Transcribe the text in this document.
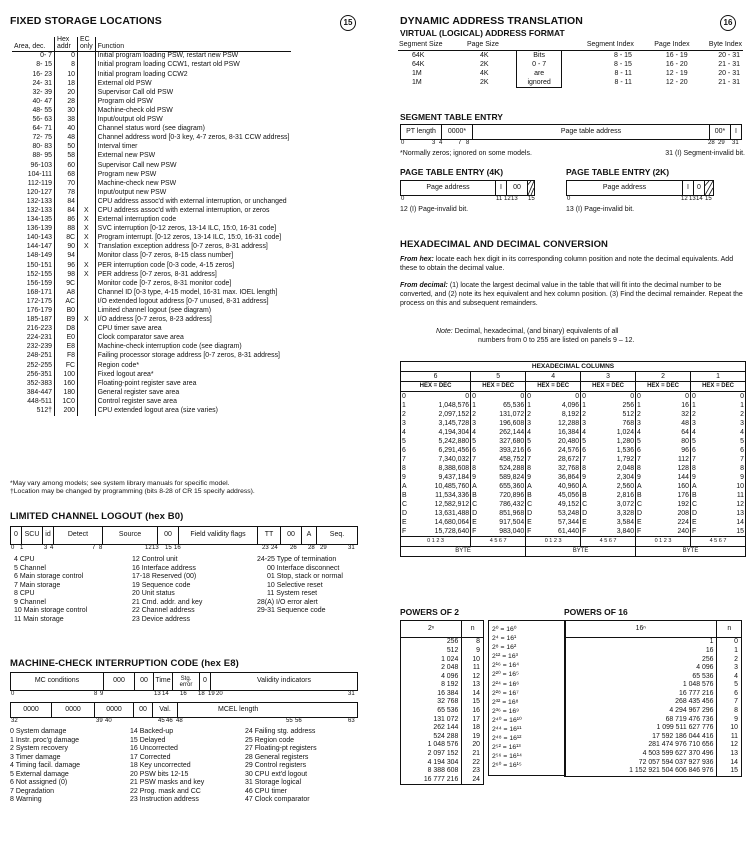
FIXED STORAGE LOCATIONS	15
Area, dec.	Hex addr	EC only	Function
0- 7	0		Initial program loading PSW, restart new PSW
8- 15	8		Initial program loading CCW1, restart old PSW
16- 23	10		Initial program loading CCW2
24- 31	18		External old PSW
32- 39	20		Supervisor Call old PSW
40- 47	28		Program old PSW
48- 55	30		Machine-check old PSW
56- 63	38		Input/output old PSW
64- 71	40		Channel status word (see diagram)
72- 75	48		Channel address word [0-3 key, 4-7 zeros, 8-31 CCW address]
80- 83	50		Interval timer
88- 95	58		External new PSW
96-103	60		Supervisor Call new PSW
104-111	68		Program new PSW
112-119	70		Machine-check new PSW
120-127	78		Input/output new PSW
132-133	84		CPU address assoc'd with external interruption, or unchanged
132-133	84	X	CPU address assoc'd with external interruption, or zeros
134-135	86	X	External interruption code
136-139	88	X	SVC interruption [0-12 zeros, 13-14 ILC, 15:0, 16-31 code]
140-143	8C	X	Program interrupt. [0-12 zeros, 13-14 ILC, 15:0, 16-31 code]
144-147	90	X	Translation exception address [0-7 zeros, 8-31 address]
148-149	94		Monitor class [0-7 zeros, 8-15 class number]
150-151	96	X	PER interruption code [0-3 code, 4-15 zeros]
152-155	98	X	PER address [0-7 zeros, 8-31 address]
156-159	9C		Monitor code [0-7 zeros, 8-31 monitor code]
168-171	A8		Channel ID [0-3 type, 4-15 model, 16-31 max. IOEL length]
172-175	AC		I/O extended logout address [0-7 unused, 8-31 address]
176-179	B0		Limited channel logout (see diagram)
185-187	B9	X	I/O address [0-7 zeros, 8-23 address]
216-223	D8		CPU timer save area
224-231	E0		Clock comparator save area
232-239	E8		Machine-check interruption code (see diagram)
248-251	F8		Failing processor storage address [0-7 zeros, 8-31 address]
252-255	FC		Region code*
256-351	100		Fixed logout area*
352-383	160		Floating-point register save area
384-447	180		General register save area
448-511	1C0		Control register save area
512†	200		CPU extended logout area (size varies)
*May vary among models; see system library manuals for specific model.
†Location may be changed by programming (bits 8-28 of CR 15 specify address).
LIMITED CHANNEL LOGOUT (hex B0)
0 SCU id	Detect	Source	00	Field validity flags	TT	00	A	Seq.
0 1	3 4	7 8	12 13 15 16	23 24 26 28 29	31
4 CPU	12 Control unit	24-25 Type of termination
5 Channel	16 Interface address	00 Interface disconnect
6 Main storage control	17-18 Reserved (00)	01 Stop, stack or normal
7 Main storage	19 Sequence code	10 Selective reset
8 CPU	20 Unit status	11 System reset
9 Channel	21 Cmd. addr. and key	28(A) I/O error alert
10 Main storage control	22 Channel address	29-31 Sequence code
11 Main storage	23 Device address
MACHINE-CHECK INTERRUPTION CODE (hex E8)
MC conditions	000	00	Time	Stg. error
0	Validity indicators
0	8 9	13 14 16 18 19 20	31
0000	0000	0000	00	Val.	MCEL length
32	39 40	45 46 48	55 56	63
0 System damage	14 Backed-up	24 Failing stg. address
1 Instr. proc'g damage	15 Delayed	25 Region code
2 System recovery	16 Uncorrected	27 Floating-pt registers
3 Timer damage	17 Corrected	28 General registers
4 Timing facil. damage	18 Key uncorrected	29 Control registers
5 External damage	20 PSW bits 12-15	30 CPU ext'd logout
6 Not assigned (0)	21 PSW masks and key	31 Storage logical
7 Degradation	22 Prog. mask and CC	46 CPU timer
8 Warning	23 Instruction address	47 Clock comparator
DYNAMIC ADDRESS TRANSLATION	16
VIRTUAL (LOGICAL) ADDRESS FORMAT
Segment Size	Page Size		Segment Index	Page Index	Byte Index
64K	4K	Bits	8 - 15	16 - 19	20 - 31
64K	2K	0 - 7	8 - 15	16 - 20	21 - 31
1M	4K	are	8 - 11	12 - 19	20 - 31
1M	2K	ignored	8 - 11	12 - 20	21 - 31
SEGMENT TABLE ENTRY
PT length	0000*	Page table address	00*	I
0	3 4	7 8	28 29 31
*Normally zeros; ignored on some models.	31 (I) Segment-invalid bit.
PAGE TABLE ENTRY (4K)
Page address	I	00
0	11 12 13 15
12 (I) Page-invalid bit.
PAGE TABLE ENTRY (2K)
Page address	I	0
0	12 13 14 15
13 (I) Page-invalid bit.
HEXADECIMAL AND DECIMAL CONVERSION
From hex: locate each hex digit in its corresponding column position and note the decimal equivalents. Add these to obtain the decimal value.
From decimal: (1) locate the largest decimal value in the table that will fit into the decimal number to be converted, and (2) note its hex equivalent and hex column position. (3) Find the decimal remainder. Repeat the process on this and subsequent remainders.
Note: Decimal, hexadecimal, (and binary) equivalents of all
numbers from 0 to 255 are listed on panels 9 – 12.
HEXADECIMAL COLUMNS											
6		5		4		3		2		1	
HEX = DEC		HEX = DEC		HEX = DEC		HEX = DEC		HEX = DEC		HEX = DEC	
0	0	0	0	0	0	0	0	0	0	0	0
1	1,048,576	1	65,536	1	4,096	1	256	1	16	1	1
2	2,097,152	2	131,072	2	8,192	2	512	2	32	2	2
3	3,145,728	3	196,608	3	12,288	3	768	3	48	3	3
4	4,194,304	4	262,144	4	16,384	4	1,024	4	64	4	4
5	5,242,880	5	327,680	5	20,480	5	1,280	5	80	5	5
6	6,291,456	6	393,216	6	24,576	6	1,536	6	96	6	6
7	7,340,032	7	458,752	7	28,672	7	1,792	7	112	7	7
8	8,388,608	8	524,288	8	32,768	8	2,048	8	128	8	8
9	9,437,184	9	589,824	9	36,864	9	2,304	9	144	9	9
A	10,485,760	A	655,360	A	40,960	A	2,560	A	160	A	10
B	11,534,336	B	720,896	B	45,056	B	2,816	B	176	B	11
C	12,582,912	C	786,432	C	49,152	C	3,072	C	192	C	12
D	13,631,488	D	851,968	D	53,248	D	3,328	D	208	D	13
E	14,680,064	E	917,504	E	57,344	E	3,584	E	224	E	14
F	15,728,640	F	983,040	F	61,440	F	3,840	F	240	F	15
0 1 2 3		4 5 6 7		0 1 2 3		4 5 6 7		0 1 2 3		4 5 6 7	
BYTE				BYTE				BYTE			
POWERS OF 2
2ⁿ	n
256	8
512	9
1 024	10
2 048	11
4 096	12
8 192	13
16 384	14
32 768	15
65 536	16
131 072	17
262 144	18
524 288	19
1 048 576	20
2 097 152	21
4 194 304	22
8 388 608	23
16 777 216	24
2⁰ = 16⁰
2⁴ = 16¹
2⁸ = 16²
2¹² = 16³
2¹⁶ = 16⁴
2²⁰ = 16⁵
2²⁴ = 16⁶
2²⁸ = 16⁷
2³² = 16⁸
2³⁶ = 16⁹
2⁴⁰ = 16¹⁰
2⁴⁴ = 16¹¹
2⁴⁸ = 16¹²
2⁵² = 16¹³
2⁵⁶ = 16¹⁴
2⁶⁰ = 16¹⁵
POWERS OF 16
16ⁿ	n
1	0
16	1
256	2
4 096	3
65 536	4
1 048 576	5
16 777 216	6
268 435 456	7
4 294 967 296	8
68 719 476 736	9
1 099 511 627 776	10
17 592 186 044 416	11
281 474 976 710 656	12
4 503 599 627 370 496	13
72 057 594 037 927 936	14
1 152 921 504 606 846 976	15
